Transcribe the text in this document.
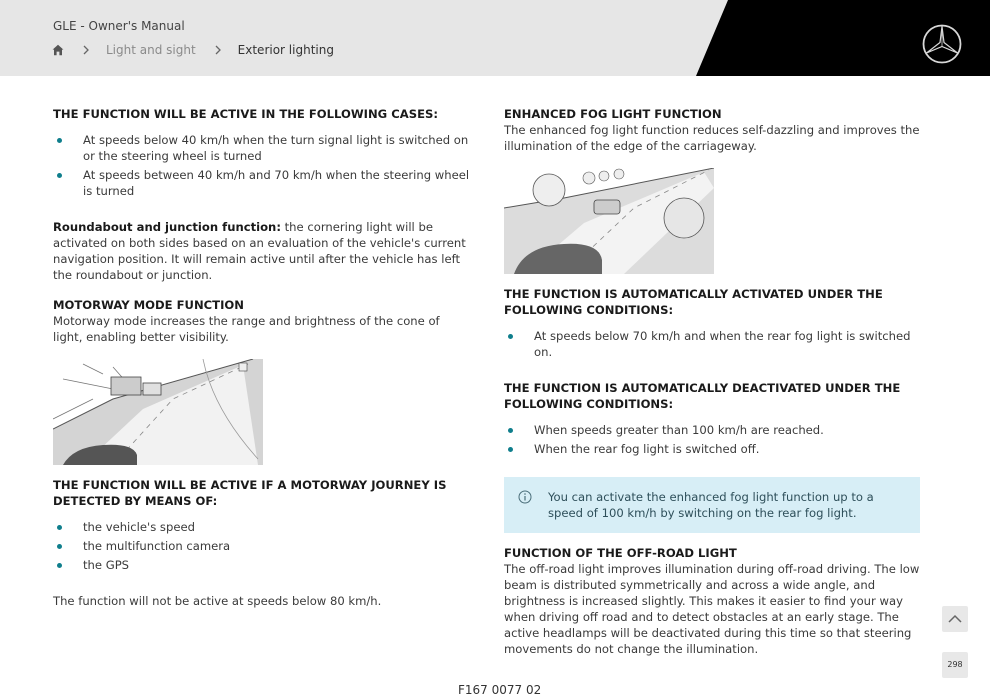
GLE - Owner's Manual
Light and sight	Exterior lighting
THE FUNCTION WILL BE ACTIVE IN THE FOLLOWING CASES:
At speeds below 40 km/h when the turn signal light is switched on or the steering wheel is turned
At speeds between 40 km/h and 70 km/h when the steering wheel is turned
Roundabout and junction function: the cornering light will be activated on both sides based on an evaluation of the vehicle's current navigation position. It will remain active until after the vehicle has left the roundabout or junction.
MOTORWAY MODE FUNCTION
Motorway mode increases the range and brightness of the cone of light, enabling better visibility.
THE FUNCTION WILL BE ACTIVE IF A MOTORWAY JOURNEY IS DETECTED BY MEANS OF:
the vehicle's speed
the multifunction camera
the GPS
The function will not be active at speeds below 80 km/h.
ENHANCED FOG LIGHT FUNCTION
The enhanced fog light function reduces self-dazzling and improves the illumination of the edge of the carriageway.
THE FUNCTION IS AUTOMATICALLY ACTIVATED UNDER THE FOLLOWING CONDITIONS:
At speeds below 70 km/h and when the rear fog light is switched on.
THE FUNCTION IS AUTOMATICALLY DEACTIVATED UNDER THE FOLLOWING CONDITIONS:
When speeds greater than 100 km/h are reached.
When the rear fog light is switched off.
You can activate the enhanced fog light function up to a speed of 100 km/h by switching on the rear fog light.
FUNCTION OF THE OFF-ROAD LIGHT
The off-road light improves illumination during off-road driving. The low beam is distributed symmetrically and across a wide angle, and brightness is increased slightly. This makes it easier to find your way when driving off road and to detect obstacles at an early stage. The active headlamps will be deactivated during this time so that steering movements do not change the illumination.
298
F167 0077 02
